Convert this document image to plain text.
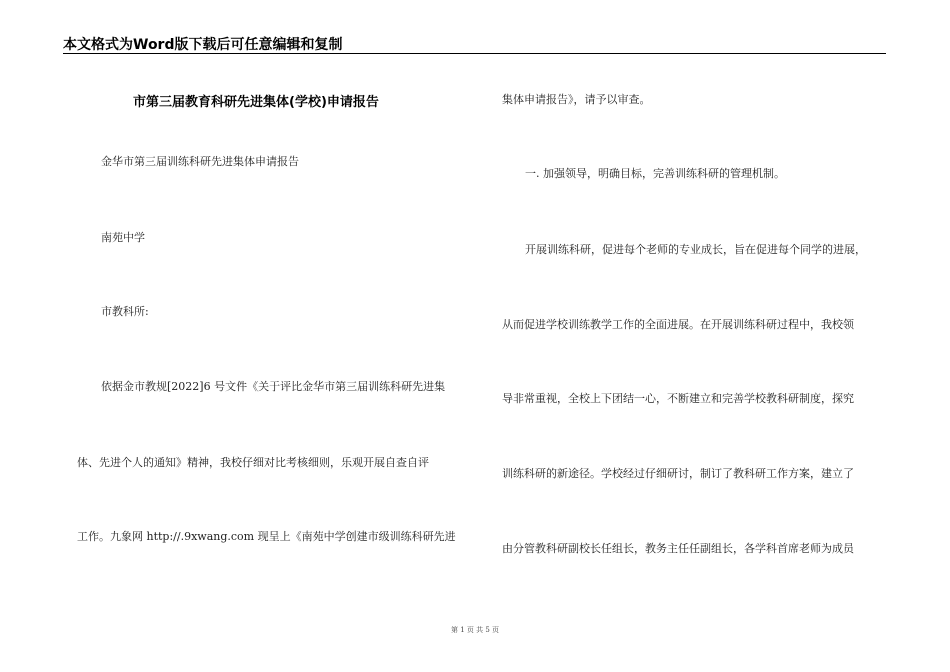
本文格式为Word版下载后可任意编辑和复制
市第三届教育科研先进集体(学校)申请报告
金华市第三届训练科研先进集体申请报告
南苑中学
市教科所:
依据金市教规[2022]6 号文件《关于评比金华市第三届训练科研先进集
体、先进个人的通知》精神，我校仔细对比考核细则，乐观开展自查自评
工作。九象网 http://.9xwang.com 现呈上《南苑中学创建市级训练科研先进
集体申请报告》，请予以审查。
一. 加强领导，明确目标，完善训练科研的管理机制。
开展训练科研，促进每个老师的专业成长，旨在促进每个同学的进展，
从而促进学校训练教学工作的全面进展。在开展训练科研过程中，我校领
导非常重视，全校上下团结一心，不断建立和完善学校教科研制度，探究
训练科研的新途径。学校经过仔细研讨，制订了教科研工作方案，建立了
由分管教科研副校长任组长，教务主任任副组长，各学科首席老师为成员
第 1 页 共 5 页
